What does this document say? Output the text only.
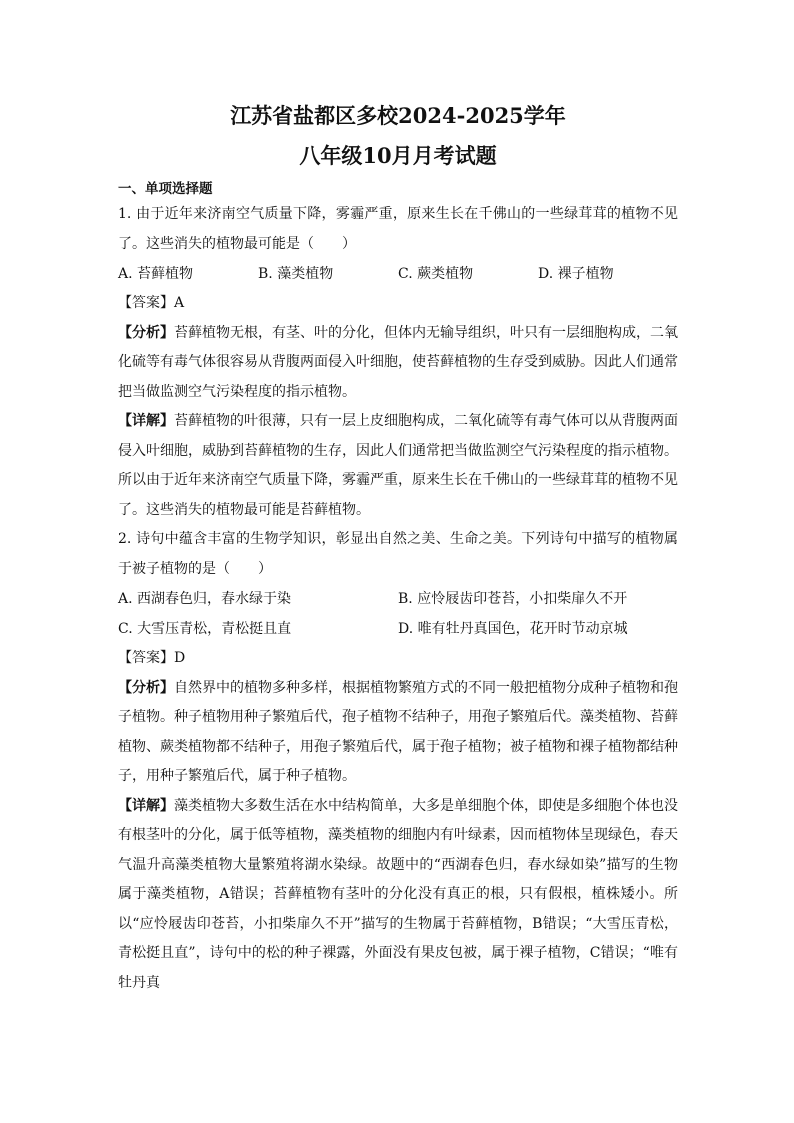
江苏省盐都区多校2024-2025学年
八年级10月月考试题
一、单项选择题

1. 由于近年来济南空气质量下降，雾霾严重，原来生长在千佛山的一些绿茸茸的植物不见了。这些消失的植物最可能是（　　）

A. 苔藓植物	B. 藻类植物	C. 蕨类植物	D. 裸子植物

【答案】A

【分析】苔藓植物无根，有茎、叶的分化，但体内无输导组织，叶只有一层细胞构成，二氧化硫等有毒气体很容易从背腹两面侵入叶细胞，使苔藓植物的生存受到威胁。因此人们通常把当做监测空气污染程度的指示植物。

【详解】苔藓植物的叶很薄，只有一层上皮细胞构成，二氧化硫等有毒气体可以从背腹两面侵入叶细胞，威胁到苔藓植物的生存，因此人们通常把当做监测空气污染程度的指示植物。所以由于近年来济南空气质量下降，雾霾严重，原来生长在千佛山的一些绿茸茸的植物不见了。这些消失的植物最可能是苔藓植物。

2. 诗句中蕴含丰富的生物学知识，彰显出自然之美、生命之美。下列诗句中描写的植物属于被子植物的是（　　）

A. 西湖春色归，春水绿于染	B. 应怜屐齿印苍苔，小扣柴扉久不开
C. 大雪压青松，青松挺且直	D. 唯有牡丹真国色，花开时节动京城

【答案】D

【分析】自然界中的植物多种多样，根据植物繁殖方式的不同一般把植物分成种子植物和孢子植物。种子植物用种子繁殖后代，孢子植物不结种子，用孢子繁殖后代。藻类植物、苔藓植物、蕨类植物都不结种子，用孢子繁殖后代，属于孢子植物；被子植物和裸子植物都结种子，用种子繁殖后代，属于种子植物。

【详解】藻类植物大多数生活在水中结构简单，大多是单细胞个体，即使是多细胞个体也没有根茎叶的分化，属于低等植物，藻类植物的细胞内有叶绿素，因而植物体呈现绿色，春天气温升高藻类植物大量繁殖将湖水染绿。故题中的“西湖春色归，春水绿如染”描写的生物属于藻类植物，A错误；苔藓植物有茎叶的分化没有真正的根，只有假根，植株矮小。所以“应怜屐齿印苍苔，小扣柴扉久不开”描写的生物属于苔藓植物，B错误；“大雪压青松，青松挺且直”，诗句中的松的种子裸露，外面没有果皮包被，属于裸子植物，C错误；“唯有牡丹真
